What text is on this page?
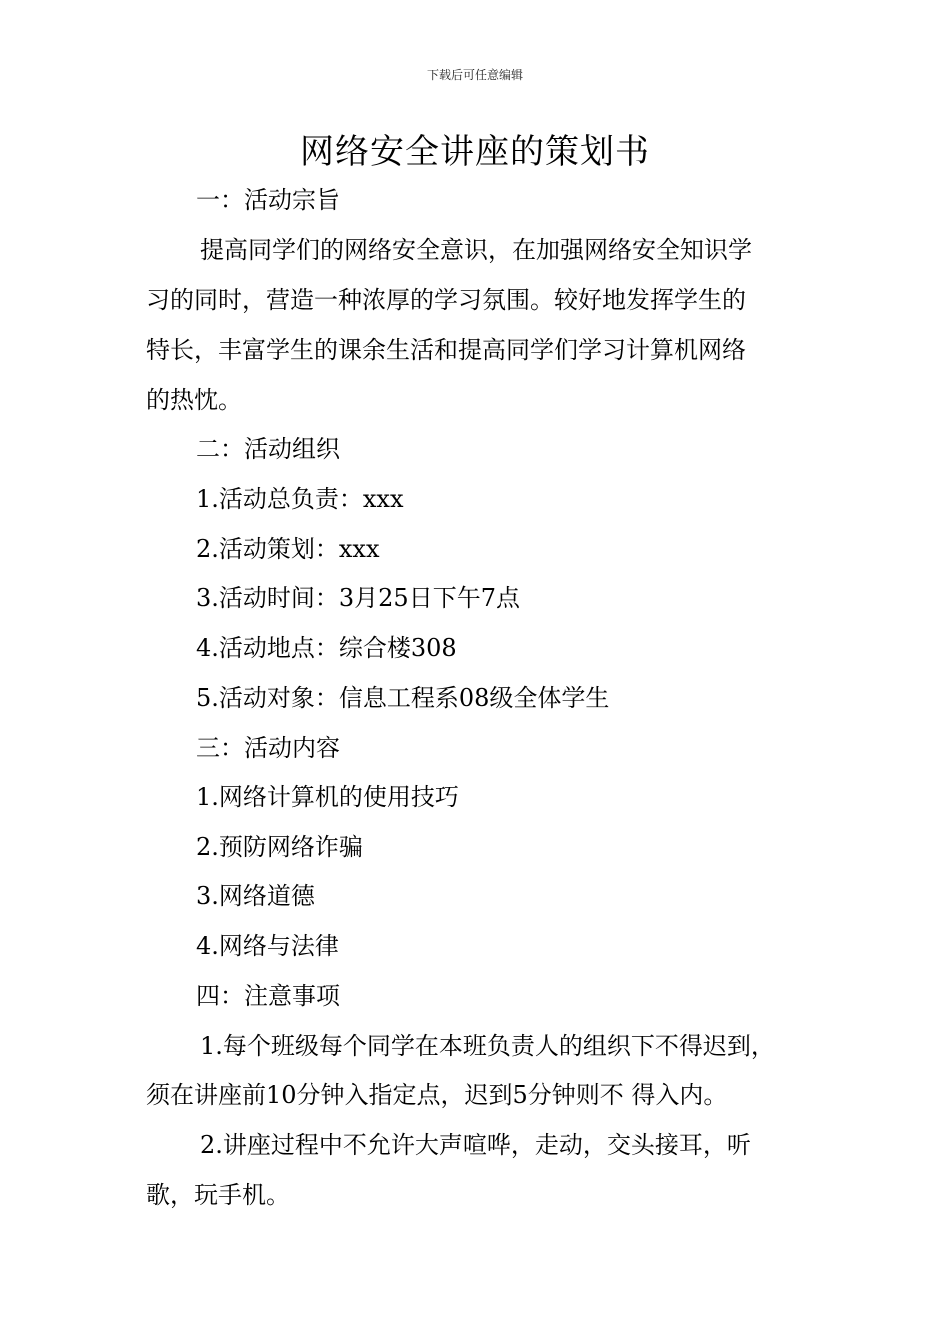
下载后可任意编辑
网络安全讲座的策划书
一：活动宗旨
提高同学们的网络安全意识，在加强网络安全知识学
习的同时，营造一种浓厚的学习氛围。较好地发挥学生的
特长，丰富学生的课余生活和提高同学们学习计算机网络
的热忱。
二：活动组织
1.活动总负责：xxx
2.活动策划：xxx
3.活动时间：3月25日下午7点
4.活动地点：综合楼308
5.活动对象：信息工程系08级全体学生
三：活动内容
1.网络计算机的使用技巧
2.预防网络诈骗
3.网络道德
4.网络与法律
四：注意事项
1.每个班级每个同学在本班负责人的组织下不得迟到，
须在讲座前10分钟入指定点，迟到5分钟则不 得入内。
2.讲座过程中不允许大声喧哗，走动，交头接耳，听
歌，玩手机。
